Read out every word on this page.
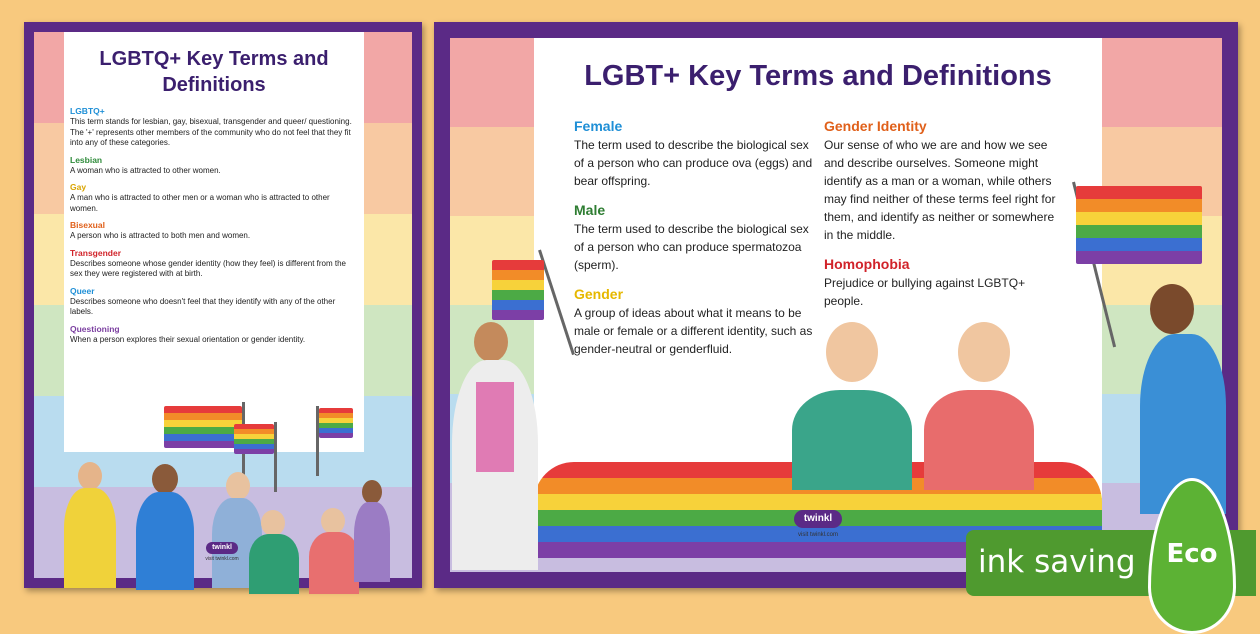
LGBTQ+ Key Terms and Definitions
LGBTQ+
This term stands for lesbian, gay, bisexual, transgender and queer/ questioning. The '+' represents other members of the community who do not feel that they fit into any of these categories.
Lesbian
A woman who is attracted to other women.
Gay
A man who is attracted to other men or a woman who is attracted to other women.
Bisexual
A person who is attracted to both men and women.
Transgender
Describes someone whose gender identity (how they feel) is different from the sex they were registered with at birth.
Queer
Describes someone who doesn't feel that they identify with any of the other labels.
Questioning
When a person explores their sexual orientation or gender identity.
twinkl
visit twinkl.com
LGBT+ Key Terms and Definitions
Female
The term used to describe the biological sex of a person who can produce ova (eggs) and bear offspring.
Male
The term used to describe the biological sex of a person who can produce spermatozoa (sperm).
Gender
A group of ideas about what it means to be male or female or a different identity, such as gender-neutral or genderfluid.
Gender Identity
Our sense of who we are and how we see and describe ourselves. Someone might identify as a man or a woman, while others may find neither of these terms feel right for them, and identify as neither or somewhere in the middle.
Homophobia
Prejudice or bullying against LGBTQ+ people.
twinkl
visit twinkl.com
ink saving	Eco
